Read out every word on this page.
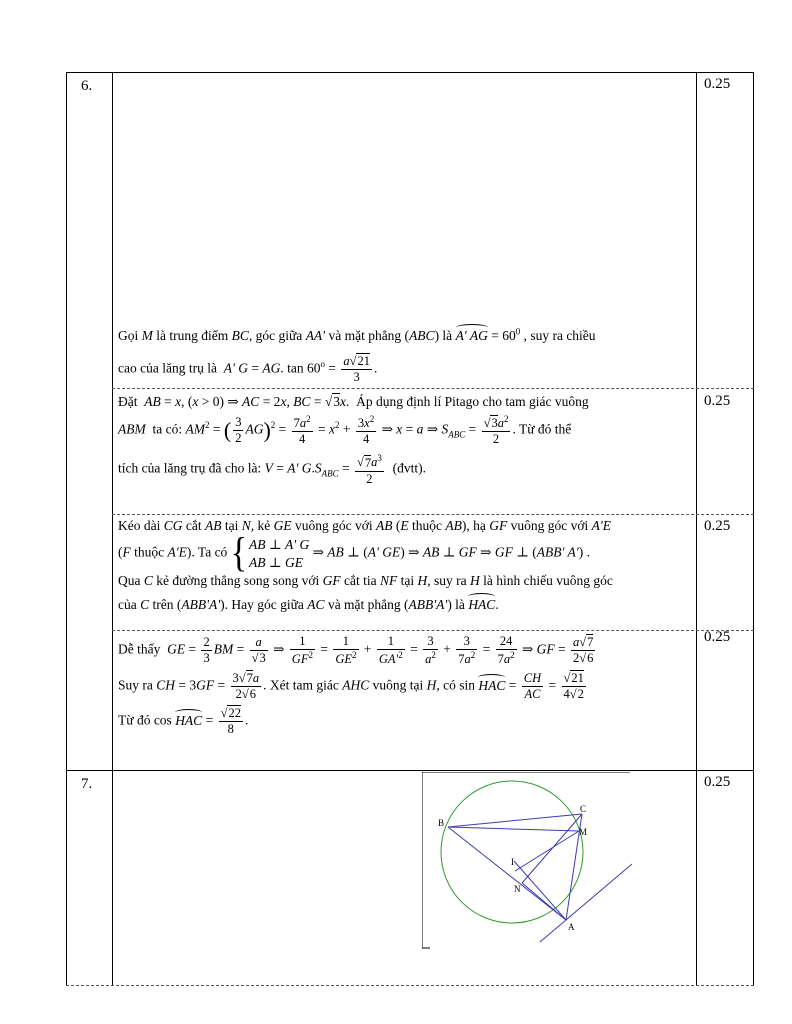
6.	0.25
0.25
0.25
0.25
Gọi M là trung điểm BC, góc giữa AA' và mặt phẳng (ABC) là A' AG = $60^0$ , suy ra chiều
cao của lăng trụ là  A' G = AG. $\tan 60^o = \frac{a√21}{3}$ .
Đặt  AB = x, (x > 0) ⇒ AC = 2x, BC = √3x.  Áp dụng định lí Pitago cho tam giác vuông
ABM  ta có: $AM^2$ = ( $\frac{3}{2} AG)^2 = \frac{7a^2}{4} = x^2 + \frac{3x^2}{4}$ ⇒ x = a ⇒ $S_{ABC} = \frac{√3a^2}{2}$ . Từ đó thể
tích của lăng trụ đã cho là: V = A' $G.S_{ABC} = \frac{√7a^3}{2}$ (đvtt).
Kéo dài CG cắt AB tại N, kẻ GE vuông góc với AB (E thuộc AB), hạ GF vuông góc với A'E
(F thuộc A'E). Ta có { AB ⊥ A' G
AB ⊥ GE ⇒ AB ⊥ (A' GE) ⇒ AB ⊥ GF ⇒ GF ⊥ (ABB' A') .
Qua C kẻ đường thẳng song song với GF cắt tia NF tại H, suy ra H là hình chiếu vuông góc
của C trên (ABB'A'). Hay góc giữa AC và mặt phẳng (ABB'A') là HAC.
Dễ thấy  GE = $\frac{2}{3}$ BM = $\frac{a}{√3}$ ⇒ $\frac{1}{GF^2} = \frac{1}{GE^2} + \frac{1}{GA'^2} = \frac{3}{a^2} + \frac{3}{7a^2} = \frac{24}{7a^2}$ ⇒ GF = $\frac{a√7}{2√6}$
Suy ra CH = $3GF = \frac{3√7a}{2√6}$ . Xét tam giác AHC vuông tại H, có sin HAC = $\frac{CH}{AC} = \frac{√21}{4√2}$
Từ đó cos HAC = $\frac{√22}{8}$ .
7.	0.25
B
C
M
I
N
A
